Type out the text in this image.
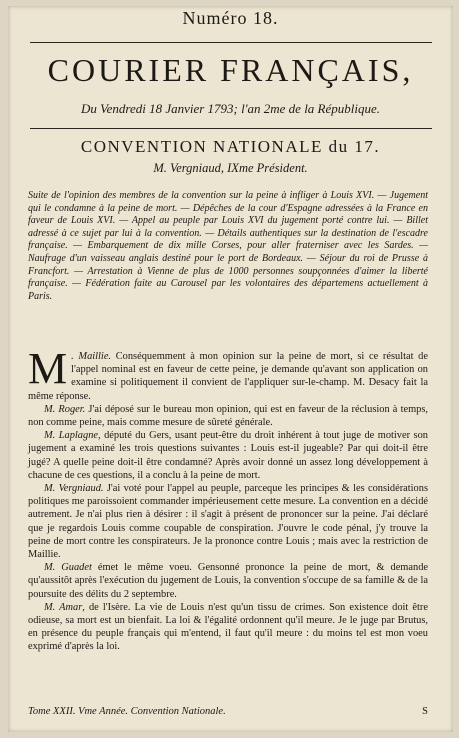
Numéro 18.
COURIER FRANÇAIS,
Du Vendredi 18 Janvier 1793; l'an 2me de la République.
CONVENTION NATIONALE du 17.
M. Vergniaud, IXme Président.
Suite de l'opinion des membres de la convention sur la peine à infliger à Louis XVI. — Jugement qui le condamne à la peine de mort. — Dépêches de la cour d'Espagne adressées à la France en faveur de Louis XVI. — Appel au peuple par Louis XVI du jugement porté contre lui. — Billet adressé à ce sujet par lui à la convention. — Détails authentiques sur la destination de l'escadre française. — Embarquement de dix mille Corses, pour aller fraterniser avec les Sardes. — Naufrage d'un vaisseau anglais destiné pour le port de Bordeaux. — Séjour du roi de Prusse à Francfort. — Arrestation à Vienne de plus de 1000 personnes soupçonnées d'aimer la liberté française. — Fédération faite au Carousel par les volontaires des départemens actuellement à Paris.

M . Maillie. Conséquemment à mon opinion sur la peine de mort, si ce résultat de l'appel nominal est en faveur de cette peine, je demande qu'avant son application on examine si politiquement il convient de l'appliquer sur-le-champ. M. Desacy fait la même réponse.

M. Roger. J'ai déposé sur le bureau mon opinion, qui est en faveur de la réclusion à temps, non comme peine, mais comme mesure de sûreté générale.

M. Laplagne, député du Gers, usant peut-être du droit inhérent à tout juge de motiver son jugement a examiné les trois questions suivantes : Louis est-il jugeable? Par qui doit-il être jugé? A quelle peine doit-il être condamné? Après avoir donné un assez long développement à chacune de ces questions, il a conclu à la peine de mort.

M. Vergniaud. J'ai voté pour l'appel au peuple, parceque les principes & les considérations politiques me paroissoient commander impérieusement cette mesure. La convention en a décidé autrement. Je n'ai plus rien à désirer : il s'agit à présent de prononcer sur la peine. J'ai déclaré que je regardois Louis comme coupable de conspiration. J'ouvre le code pénal, j'y trouve la peine de mort contre les conspirateurs. Je la prononce contre Louis ; mais avec la restriction de Maillie.

M. Guadet émet le même voeu. Gensonné prononce la peine de mort, & demande qu'aussitôt après l'exécution du jugement de Louis, la convention s'occupe de sa famille & de la poursuite des délits du 2 septembre.

M. Amar, de l'Isère. La vie de Louis n'est qu'un tissu de crimes. Son existence doit être odieuse, sa mort est un bienfait. La loi & l'égalité ordonnent qu'il meure. Je le juge par Brutus, en présence du peuple français qui m'entend, il faut qu'il meure : du moins tel est mon voeu exprimé d'après la loi.

Tome XXII. Vme Année. Convention Nationale.	S
